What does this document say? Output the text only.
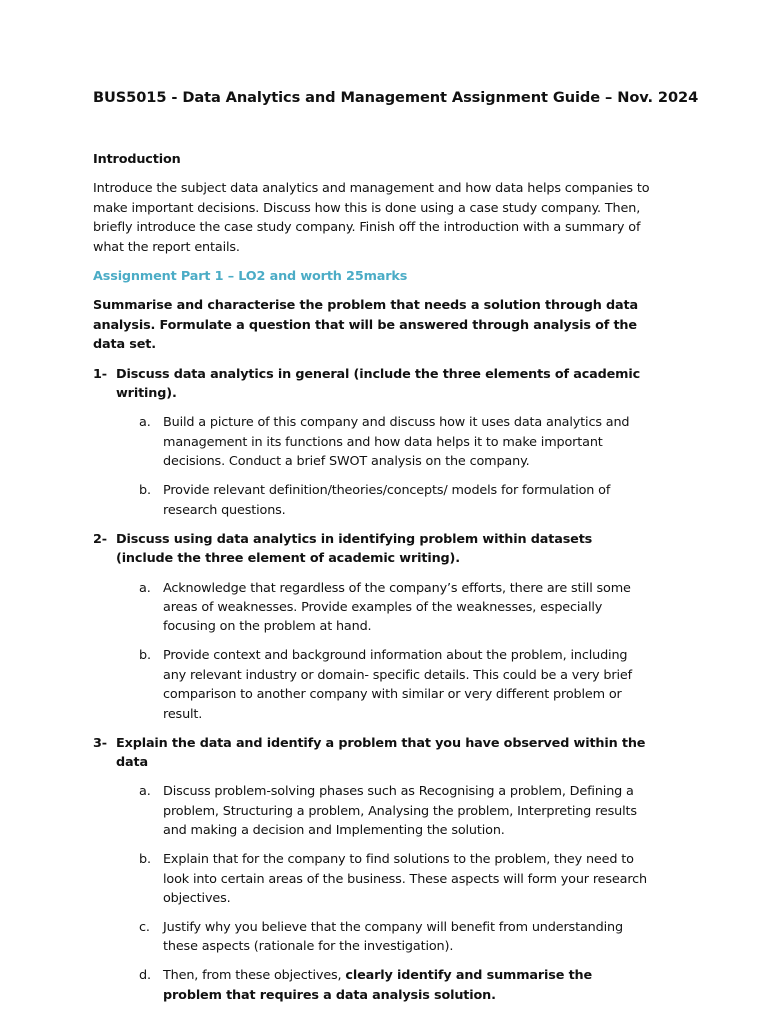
BUS5015 - Data Analytics and Management Assignment Guide – Nov. 2024

Introduction

Introduce the subject data analytics and management and how data helps companies to make important decisions. Discuss how this is done using a case study company. Then, briefly introduce the case study company. Finish off the introduction with a summary of what the report entails.

Assignment Part 1 – LO2 and worth 25marks

Summarise and characterise the problem that needs a solution through data analysis. Formulate a question that will be answered through analysis of the data set.

1- Discuss data analytics in general (include the three elements of academic writing).
a. Build a picture of this company and discuss how it uses data analytics and management in its functions and how data helps it to make important decisions. Conduct a brief SWOT analysis on the company.
b. Provide relevant definition/theories/concepts/ models for formulation of research questions.
2- Discuss using data analytics in identifying problem within datasets (include the three element of academic writing).
a. Acknowledge that regardless of the company’s efforts, there are still some areas of weaknesses. Provide examples of the weaknesses, especially focusing on the problem at hand.
b. Provide context and background information about the problem, including any relevant industry or domain- specific details. This could be a very brief comparison to another company with similar or very different problem or result.
3- Explain the data and identify a problem that you have observed within the data
a. Discuss problem-solving phases such as Recognising a problem, Defining a problem, Structuring a problem, Analysing the problem, Interpreting results and making a decision and Implementing the solution.
b. Explain that for the company to find solutions to the problem, they need to look into certain areas of the business. These aspects will form your research objectives.
c.	Justify why you believe that the company will benefit from understanding these aspects (rationale for the investigation).
d. Then, from these objectives, clearly identify and summarise the problem that requires a data analysis solution.
